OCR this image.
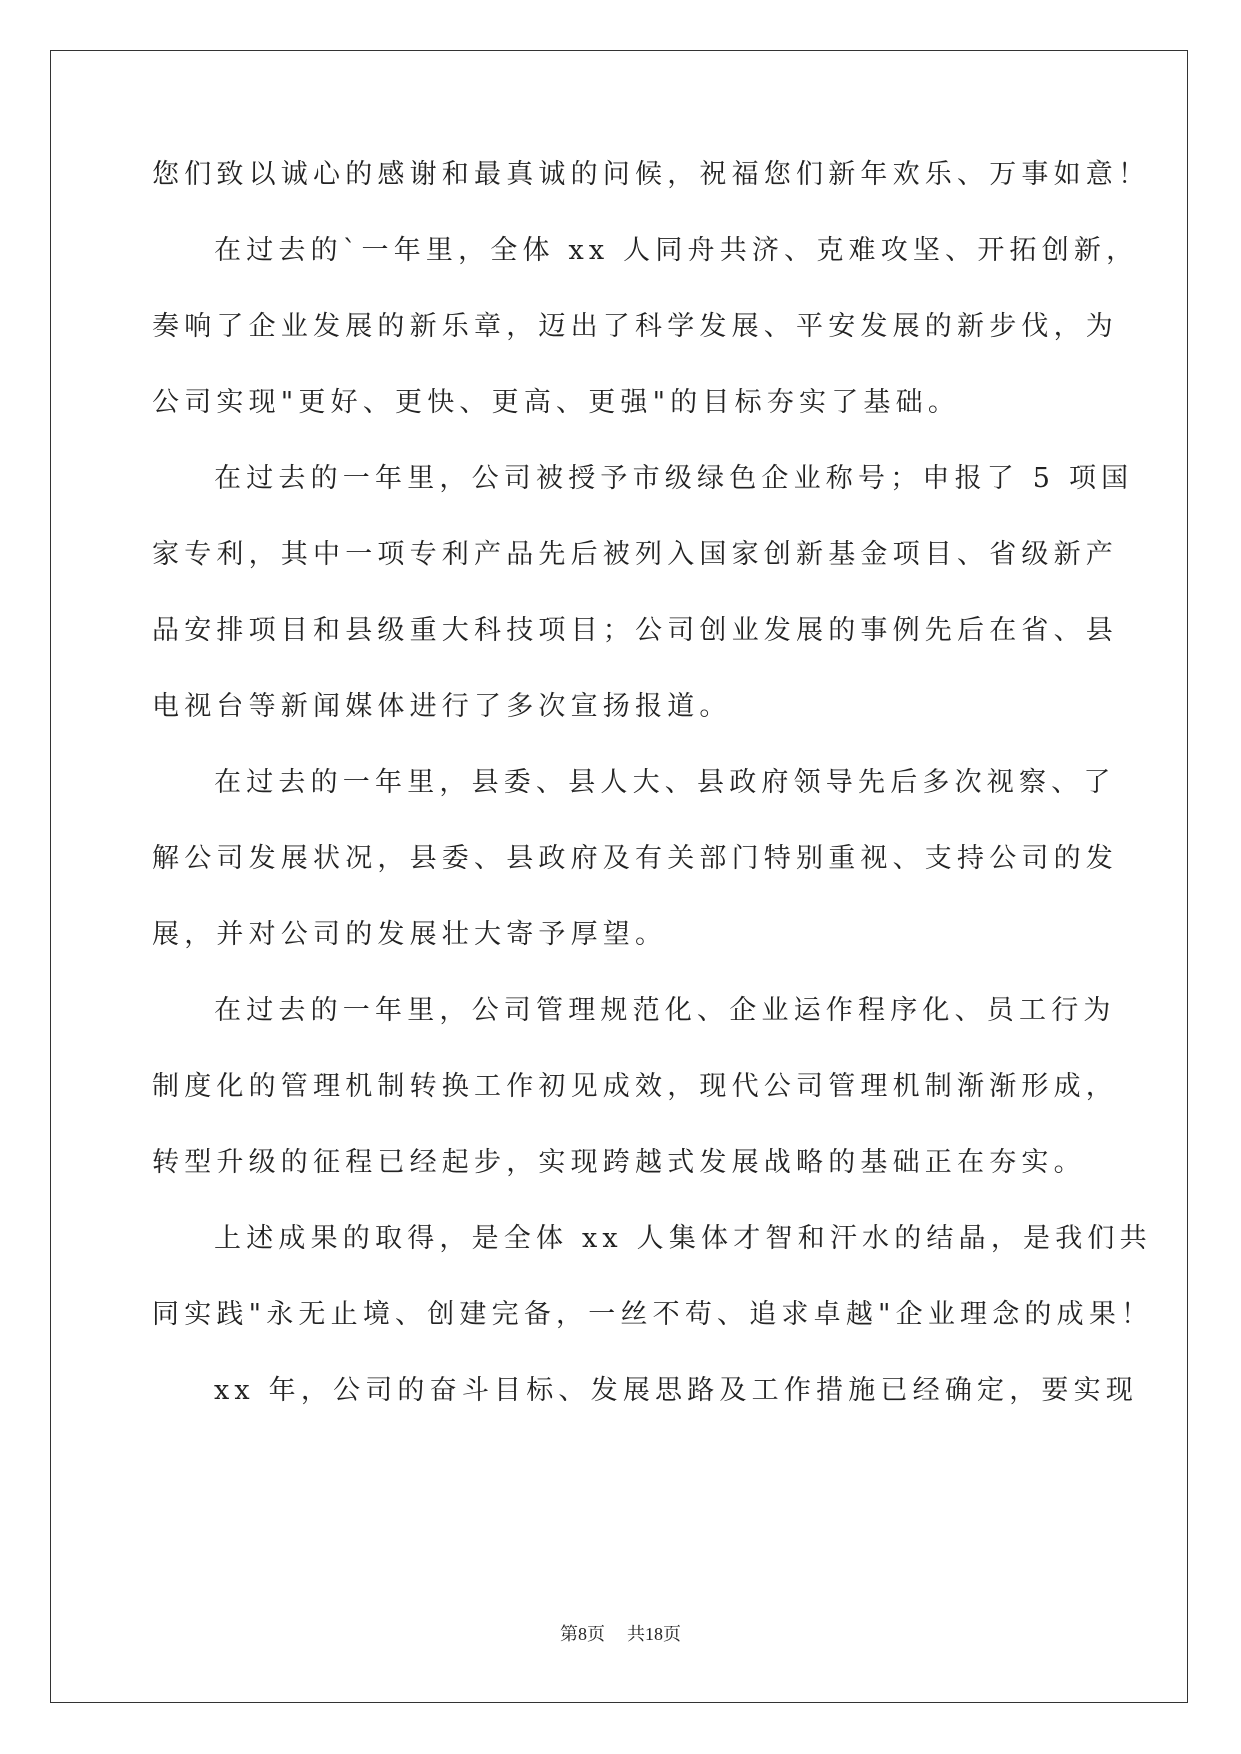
您们致以诚心的感谢和最真诚的问候，祝福您们新年欢乐、万事如意！
在过去的`一年里，全体 xx 人同舟共济、克难攻坚、开拓创新，
奏响了企业发展的新乐章，迈出了科学发展、平安发展的新步伐，为
公司实现"更好、更快、更高、更强"的目标夯实了基础。
在过去的一年里，公司被授予市级绿色企业称号；申报了 5 项国
家专利，其中一项专利产品先后被列入国家创新基金项目、省级新产
品安排项目和县级重大科技项目；公司创业发展的事例先后在省、县
电视台等新闻媒体进行了多次宣扬报道。
在过去的一年里，县委、县人大、县政府领导先后多次视察、了
解公司发展状况，县委、县政府及有关部门特别重视、支持公司的发
展，并对公司的发展壮大寄予厚望。
在过去的一年里，公司管理规范化、企业运作程序化、员工行为
制度化的管理机制转换工作初见成效，现代公司管理机制渐渐形成，
转型升级的征程已经起步，实现跨越式发展战略的基础正在夯实。
上述成果的取得，是全体 xx 人集体才智和汗水的结晶，是我们共
同实践"永无止境、创建完备，一丝不苟、追求卓越"企业理念的成果！
xx 年，公司的奋斗目标、发展思路及工作措施已经确定，要实现
第8页 共18页
